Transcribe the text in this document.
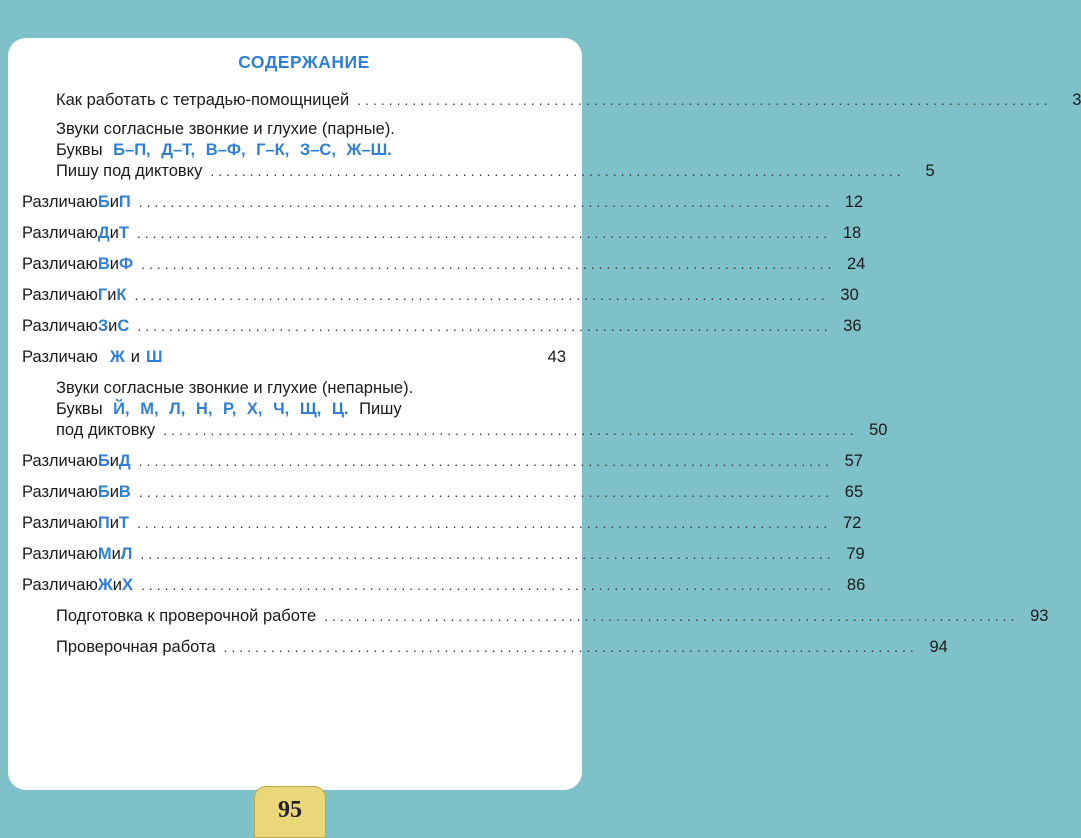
СОДЕРЖАНИЕ
Как работать с тетрадью-помощницей ........................................................................................	3
Звуки согласные звонкие и глухие (парные).
Буквы Б–П, Д–Т, В–Ф, Г–К, З–С, Ж–Ш.
Пишу под диктовку ........................................................................................	5
Различаю Б и П ........................................................................................ 12
Различаю Д и Т ........................................................................................ 18
Различаю В и Ф ........................................................................................ 24
Различаю Г и К ........................................................................................ 30
Различаю З и С ........................................................................................ 36
Различаю Ж и Ш	43
Звуки согласные звонкие и глухие (непарные).
Буквы Й, М, Л, Н, Р, Х, Ч, Щ, Ц. Пишу
под диктовку ........................................................................................ 50
Различаю Б и Д ........................................................................................ 57
Различаю Б и В ........................................................................................ 65
Различаю П и Т ........................................................................................ 72
Различаю М и Л ........................................................................................ 79
Различаю Ж и Х ........................................................................................ 86
Подготовка к проверочной работе ........................................................................................ 93
Проверочная работа ........................................................................................ 94
95
